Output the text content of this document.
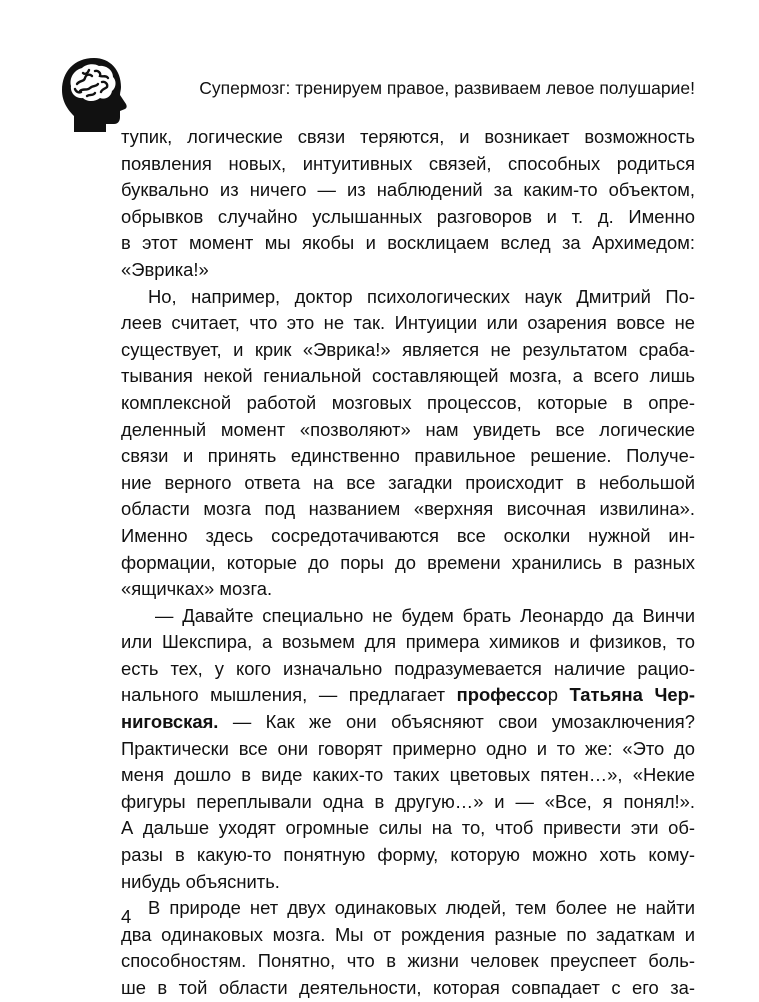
Супермозг: тренируем правое, развиваем левое полушарие!

тупик, логические связи теряются, и возникает возможность
появления новых, интуитивных связей, способных родиться
буквально из ничего — из наблюдений за каким-то объектом,
обрывков случайно услышанных разговоров и т. д. Именно
в этот момент мы якобы и восклицаем вслед за Архимедом:
«Эврика!»

Но, например, доктор психологических наук Дмитрий По-
леев считает, что это не так. Интуиции или озарения вовсе не
существует, и крик «Эврика!» является не результатом сраба-
тывания некой гениальной составляющей мозга, а всего лишь
комплексной работой мозговых процессов, которые в опре-
деленный момент «позволяют» нам увидеть все логические
связи и принять единственно правильное решение. Получе-
ние верного ответа на все загадки происходит в небольшой
области мозга под названием «верхняя височная извилина».
Именно здесь сосредотачиваются все осколки нужной ин-
формации, которые до поры до времени хранились в разных
«ящичках» мозга.

— Давайте специально не будем брать Леонардо да Винчи
или Шекспира, а возьмем для примера химиков и физиков, то
есть тех, у кого изначально подразумевается наличие рацио-
нального мышления, — предлагает профессор Татьяна Чер-
ниговская. — Как же они объясняют свои умозаключения?
Практически все они говорят примерно одно и то же: «Это до
меня дошло в виде каких-то таких цветовых пятен…», «Некие
фигуры переплывали одна в другую…» и — «Все, я понял!».
А дальше уходят огромные силы на то, чтоб привести эти об-
разы в какую-то понятную форму, которую можно хоть кому-
нибудь объяснить.

В природе нет двух одинаковых людей, тем более не найти
два одинаковых мозга. Мы от рождения разные по задаткам и
способностям. Понятно, что в жизни человек преуспеет боль-
ше в той области деятельности, которая совпадает с его за-

4
